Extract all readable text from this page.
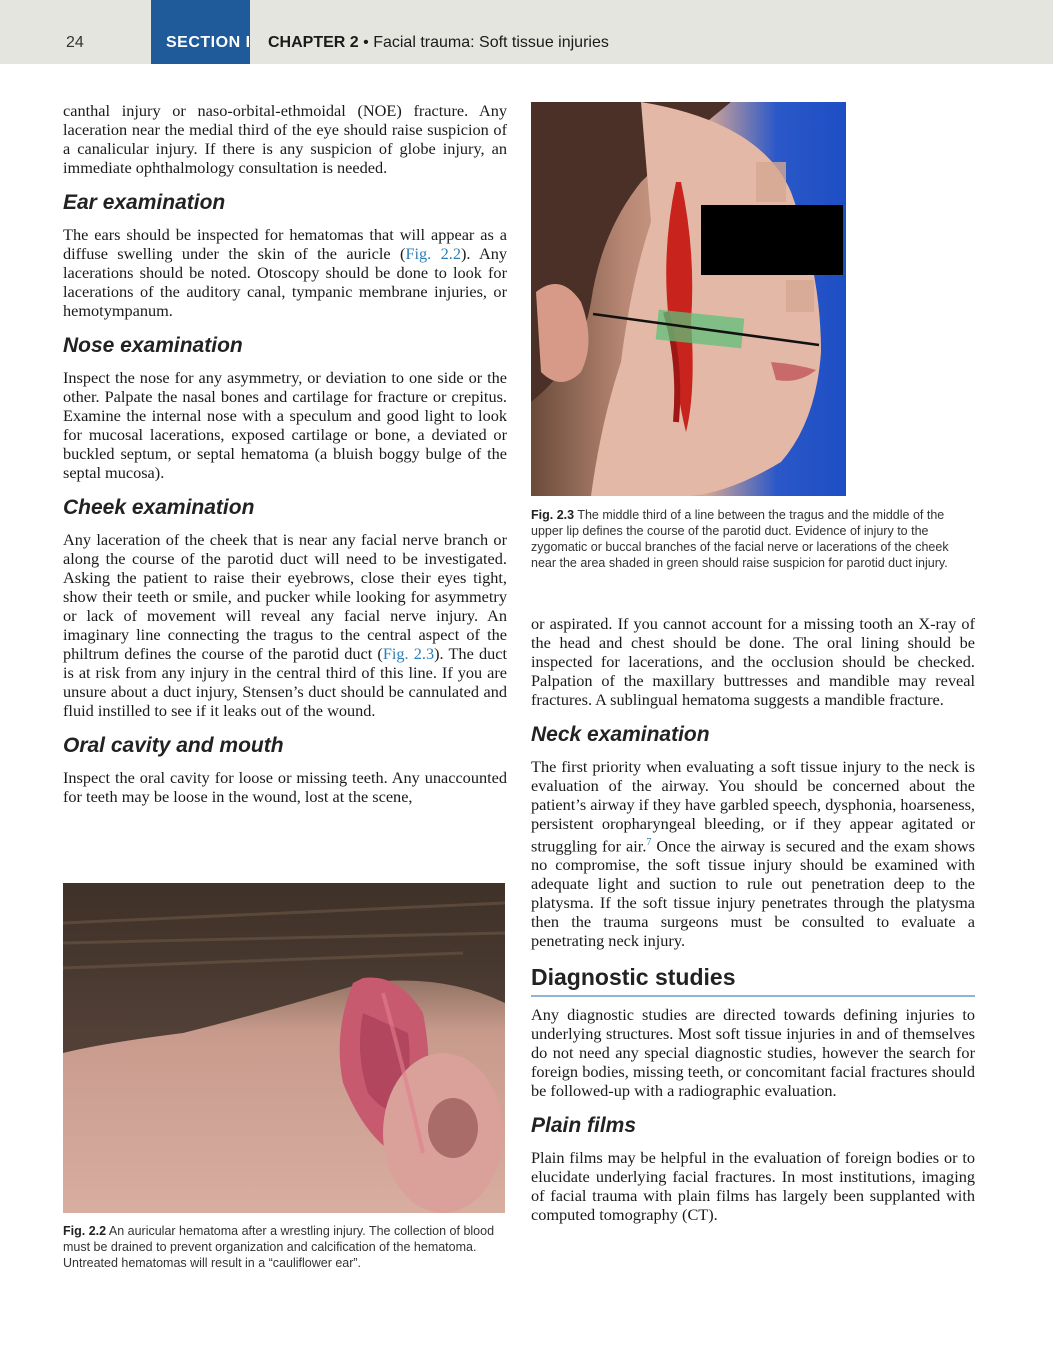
24	SECTION I CHAPTER 2 • Facial trauma: Soft tissue injuries

canthal injury or naso-orbital-ethmoidal (NOE) fracture. Any laceration near the medial third of the eye should raise suspicion of a canalicular injury. If there is any suspicion of globe injury, an immediate ophthalmology consultation is needed.

Ear examination

The ears should be inspected for hematomas that will appear as a diffuse swelling under the skin of the auricle (Fig. 2.2). Any lacerations should be noted. Otoscopy should be done to look for lacerations of the auditory canal, tympanic membrane injuries, or hemotympanum.

Nose examination

Inspect the nose for any asymmetry, or deviation to one side or the other. Palpate the nasal bones and cartilage for fracture or crepitus. Examine the internal nose with a speculum and good light to look for mucosal lacerations, exposed cartilage or bone, a deviated or buckled septum, or septal hematoma (a bluish boggy bulge of the septal mucosa).

Cheek examination

Any laceration of the cheek that is near any facial nerve branch or along the course of the parotid duct will need to be investigated. Asking the patient to raise their eyebrows, close their eyes tight, show their teeth or smile, and pucker while looking for asymmetry or lack of movement will reveal any facial nerve injury. An imaginary line connecting the tragus to the central aspect of the philtrum defines the course of the parotid duct (Fig. 2.3). The duct is at risk from any injury in the central third of this line. If you are unsure about a duct injury, Stensen’s duct should be cannulated and fluid instilled to see if it leaks out of the wound.

Oral cavity and mouth

Inspect the oral cavity for loose or missing teeth. Any unaccounted for teeth may be loose in the wound, lost at the scene,

Fig. 2.2 An auricular hematoma after a wrestling injury. The collection of blood must be drained to prevent organization and calcification of the hematoma. Untreated hematomas will result in a “cauliflower ear”.

Fig. 2.3 The middle third of a line between the tragus and the middle of the upper lip defines the course of the parotid duct. Evidence of injury to the zygomatic or buccal branches of the facial nerve or lacerations of the cheek near the area shaded in green should raise suspicion for parotid duct injury.

or aspirated. If you cannot account for a missing tooth an X-ray of the head and chest should be done. The oral lining should be inspected for lacerations, and the occlusion should be checked. Palpation of the maxillary buttresses and mandible may reveal fractures. A sublingual hematoma suggests a mandible fracture.

Neck examination

The first priority when evaluating a soft tissue injury to the neck is evaluation of the airway. You should be concerned about the patient’s airway if they have garbled speech, dysphonia, hoarseness, persistent oropharyngeal bleeding, or if they appear agitated or struggling for air.$^7$ Once the airway is secured and the exam shows no compromise, the soft tissue injury should be examined with adequate light and suction to rule out penetration deep to the platysma. If the soft tissue injury penetrates through the platysma then the trauma surgeons must be consulted to evaluate a penetrating neck injury.

Diagnostic studies

Any diagnostic studies are directed towards defining injuries to underlying structures. Most soft tissue injuries in and of themselves do not need any special diagnostic studies, however the search for foreign bodies, missing teeth, or concomitant facial fractures should be followed-up with a radiographic evaluation.

Plain films

Plain films may be helpful in the evaluation of foreign bodies or to elucidate underlying facial fractures. In most institutions, imaging of facial trauma with plain films has largely been supplanted with computed tomography (CT).
